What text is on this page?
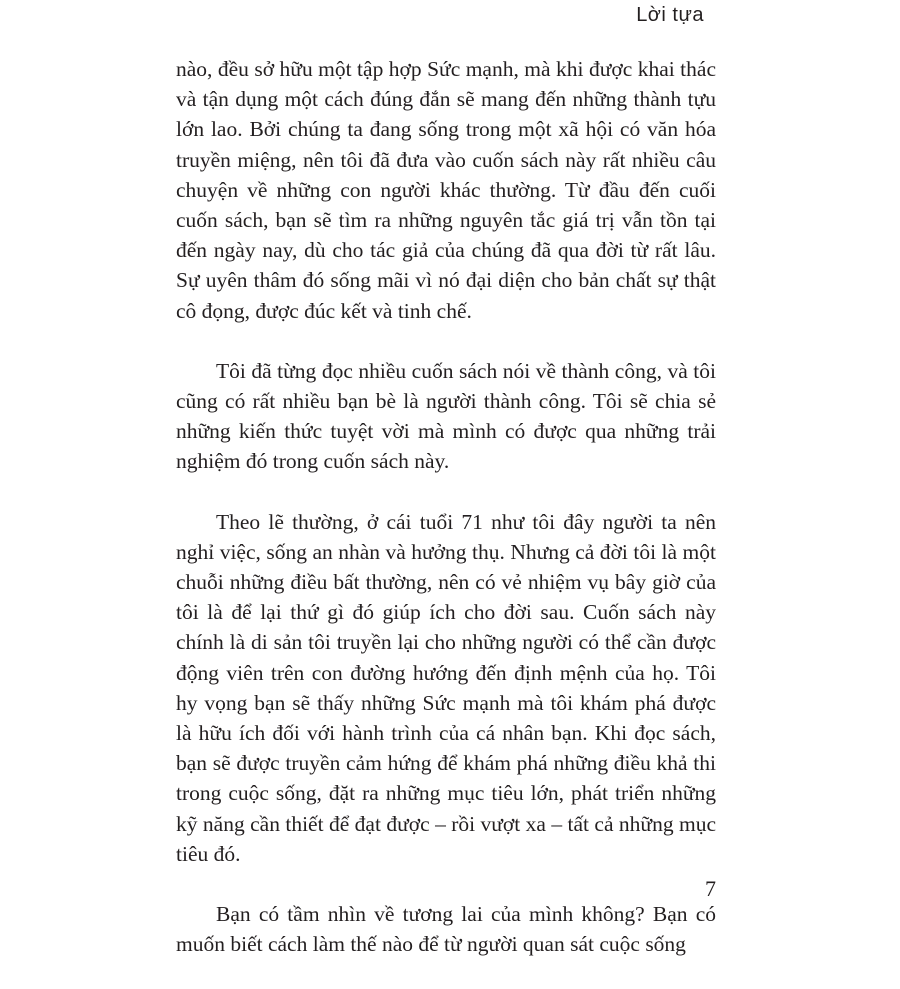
Lời tựa

nào, đều sở hữu một tập hợp Sức mạnh, mà khi được khai thác và tận dụng một cách đúng đắn sẽ mang đến những thành tựu lớn lao. Bởi chúng ta đang sống trong một xã hội có văn hóa truyền miệng, nên tôi đã đưa vào cuốn sách này rất nhiều câu chuyện về những con người khác thường. Từ đầu đến cuối cuốn sách, bạn sẽ tìm ra những nguyên tắc giá trị vẫn tồn tại đến ngày nay, dù cho tác giả của chúng đã qua đời từ rất lâu. Sự uyên thâm đó sống mãi vì nó đại diện cho bản chất sự thật cô đọng, được đúc kết và tinh chế.

Tôi đã từng đọc nhiều cuốn sách nói về thành công, và tôi cũng có rất nhiều bạn bè là người thành công. Tôi sẽ chia sẻ những kiến thức tuyệt vời mà mình có được qua những trải nghiệm đó trong cuốn sách này.

Theo lẽ thường, ở cái tuổi 71 như tôi đây người ta nên nghỉ việc, sống an nhàn và hưởng thụ. Nhưng cả đời tôi là một chuỗi những điều bất thường, nên có vẻ nhiệm vụ bây giờ của tôi là để lại thứ gì đó giúp ích cho đời sau. Cuốn sách này chính là di sản tôi truyền lại cho những người có thể cần được động viên trên con đường hướng đến định mệnh của họ. Tôi hy vọng bạn sẽ thấy những Sức mạnh mà tôi khám phá được là hữu ích đối với hành trình của cá nhân bạn. Khi đọc sách, bạn sẽ được truyền cảm hứng để khám phá những điều khả thi trong cuộc sống, đặt ra những mục tiêu lớn, phát triển những kỹ năng cần thiết để đạt được – rồi vượt xa – tất cả những mục tiêu đó.

Bạn có tầm nhìn về tương lai của mình không? Bạn có muốn biết cách làm thế nào để từ người quan sát cuộc sống

7
